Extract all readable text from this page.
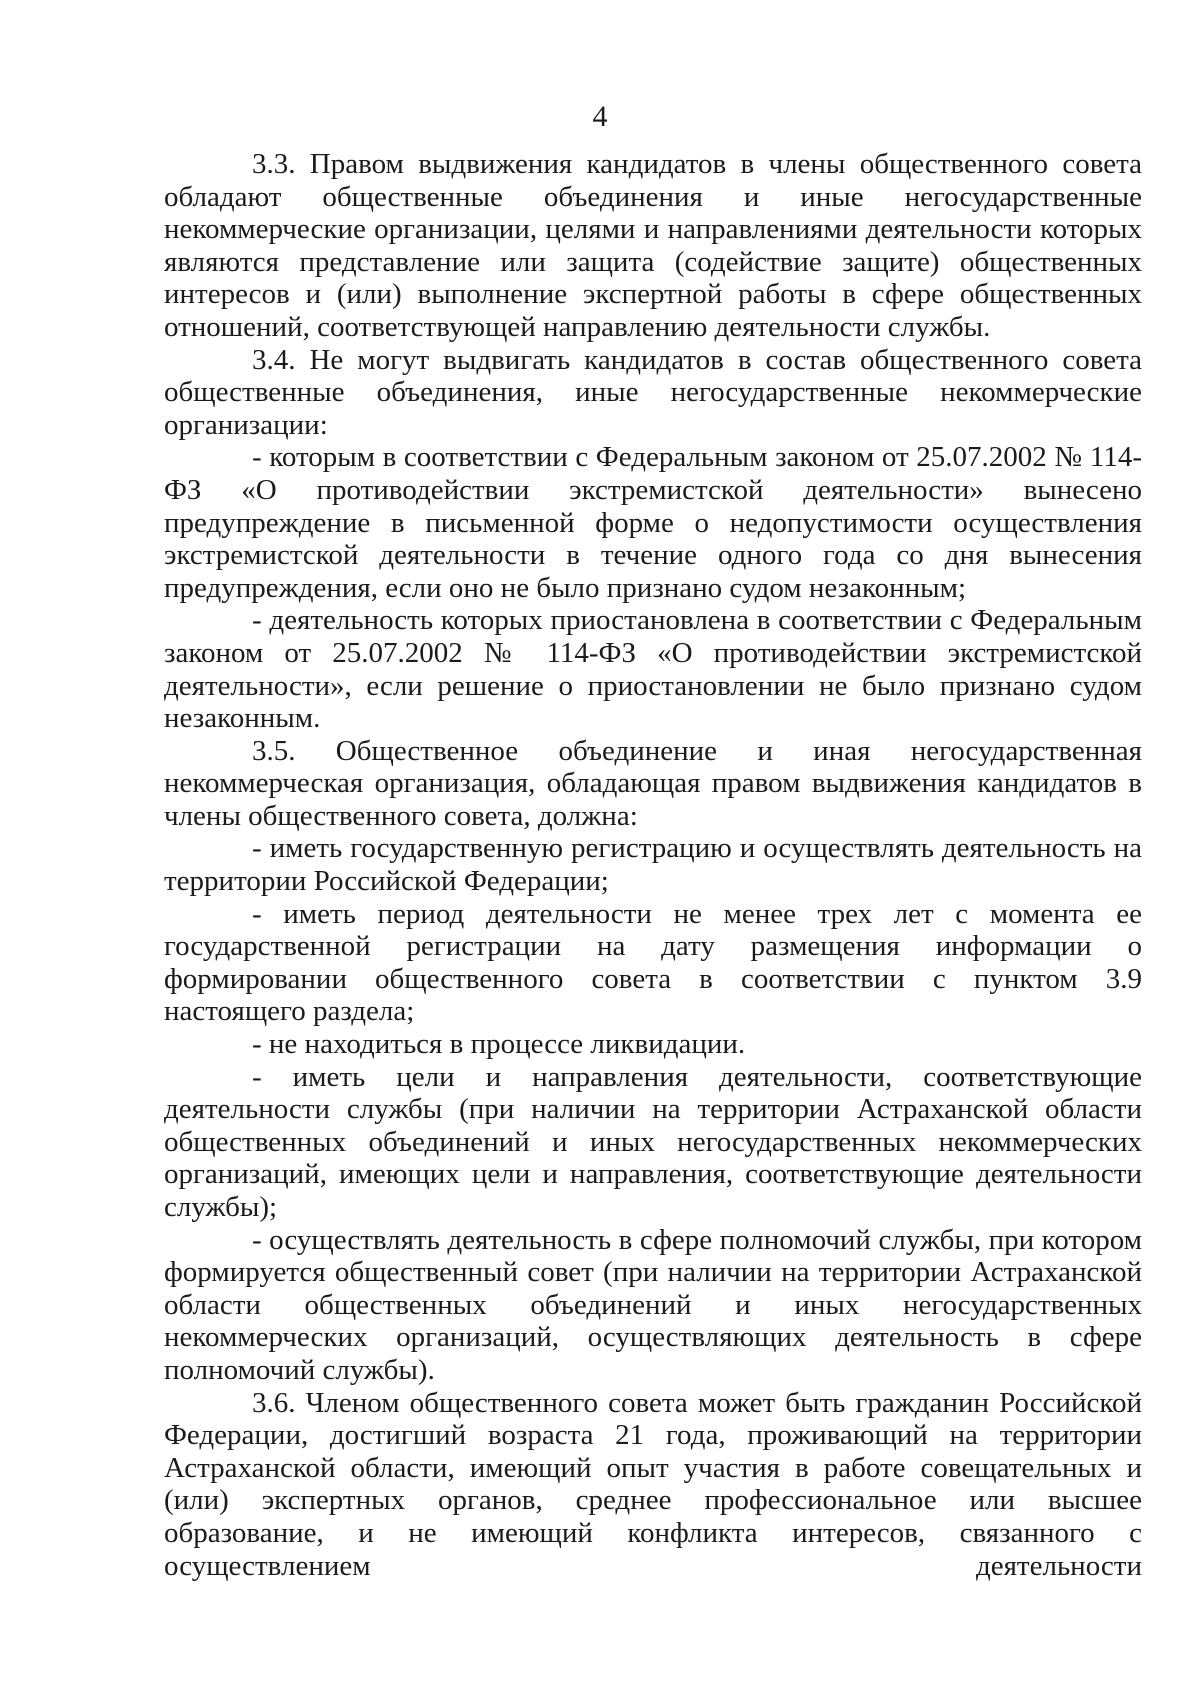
4

3.3. Правом выдвижения кандидатов в члены общественного совета обладают общественные объединения и иные негосударственные некоммерческие организации, целями и направлениями деятельности которых являются представление или защита (содействие защите) общественных интересов и (или) выполнение экспертной работы в сфере общественных отношений, соответствующей направлению деятельности службы.

3.4. Не могут выдвигать кандидатов в состав общественного совета общественные объединения, иные негосударственные некоммерческие организации:

- которым в соответствии с Федеральным законом от 25.07.2002 № 114-ФЗ «О противодействии экстремистской деятельности» вынесено предупреждение в письменной форме о недопустимости осуществления экстремистской деятельности в течение одного года со дня вынесения предупреждения, если оно не было признано судом незаконным;

- деятельность которых приостановлена в соответствии с Федеральным законом от 25.07.2002 № 114-ФЗ «О противодействии экстремистской деятельности», если решение о приостановлении не было признано судом незаконным.

3.5. Общественное объединение и иная негосударственная некоммерческая организация, обладающая правом выдвижения кандидатов в члены общественного совета, должна:

- иметь государственную регистрацию и осуществлять деятельность на территории Российской Федерации;

- иметь период деятельности не менее трех лет с момента ее государственной регистрации на дату размещения информации о формировании общественного совета в соответствии с пунктом 3.9 настоящего раздела;

- не находиться в процессе ликвидации.

- иметь цели и направления деятельности, соответствующие деятельности службы (при наличии на территории Астраханской области общественных объединений и иных негосударственных некоммерческих организаций, имеющих цели и направления, соответствующие деятельности службы);

- осуществлять деятельность в сфере полномочий службы, при котором формируется общественный совет (при наличии на территории Астраханской области общественных объединений и иных негосударственных некоммерческих организаций, осуществляющих деятельность в сфере полномочий службы).

3.6. Членом общественного совета может быть гражданин Российской Федерации, достигший возраста 21 года, проживающий на территории Астраханской области, имеющий опыт участия в работе совещательных и (или) экспертных органов, среднее профессиональное или высшее образование, и не имеющий конфликта интересов, связанного с осуществлением деятельности
